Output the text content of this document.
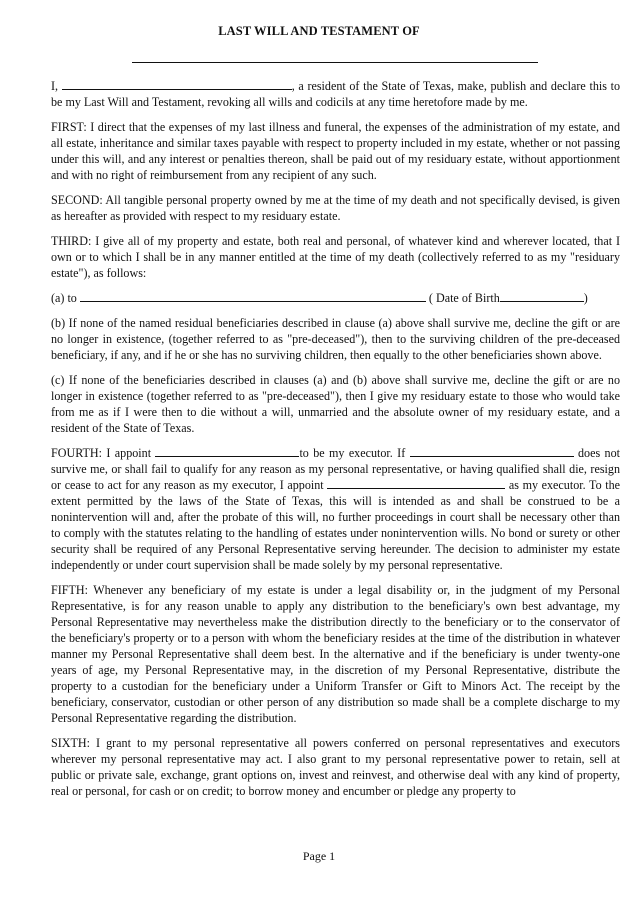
LAST WILL AND TESTAMENT OF

I,	, a resident of the State of Texas, make, publish and declare this to be my Last Will and Testament, revoking all wills and codicils at any time heretofore made by me.

FIRST: I direct that the expenses of my last illness and funeral, the expenses of the administration of my estate, and all estate, inheritance and similar taxes payable with respect to property included in my estate, whether or not passing under this will, and any interest or penalties thereon, shall be paid out of my residuary estate, without apportionment and with no right of reimbursement from any recipient of any such.

SECOND: All tangible personal property owned by me at the time of my death and not specifically devised, is given as hereafter as provided with respect to my residuary estate.

THIRD: I give all of my property and estate, both real and personal, of whatever kind and wherever located, that I own or to which I shall be in any manner entitled at the time of my death (collectively referred to as my "residuary estate"), as follows:

(a) to	( Date of Birth	)

(b) If none of the named residual beneficiaries described in clause (a) above shall survive me, decline the gift or are no longer in existence, (together referred to as "pre-deceased"), then to the surviving children of the pre-deceased beneficiary, if any, and if he or she has no surviving children, then equally to the other beneficiaries shown above.

(c) If none of the beneficiaries described in clauses (a) and (b) above shall survive me, decline the gift or are no longer in existence (together referred to as "pre-deceased"), then I give my residuary estate to those who would take from me as if I were then to die without a will, unmarried and the absolute owner of my residuary estate, and a resident of the State of Texas.

FOURTH: I appoint	to be my executor. If	does not survive me, or shall fail to qualify for any reason as my personal representative, or having qualified shall die, resign or cease to act for any reason as my executor, I appoint	as my executor. To the extent permitted by the laws of the State of Texas, this will is intended as and shall be construed to be a nonintervention will and, after the probate of this will, no further proceedings in court shall be necessary other than to comply with the statutes relating to the handling of estates under nonintervention wills. No bond or surety or other security shall be required of any Personal Representative serving hereunder. The decision to administer my estate independently or under court supervision shall be made solely by my personal representative.

FIFTH: Whenever any beneficiary of my estate is under a legal disability or, in the judgment of my Personal Representative, is for any reason unable to apply any distribution to the beneficiary's own best advantage, my Personal Representative may nevertheless make the distribution directly to the beneficiary or to the conservator of the beneficiary's property or to a person with whom the beneficiary resides at the time of the distribution in whatever manner my Personal Representative shall deem best. In the alternative and if the beneficiary is under twenty-one years of age, my Personal Representative may, in the discretion of my Personal Representative, distribute the property to a custodian for the beneficiary under a Uniform Transfer or Gift to Minors Act. The receipt by the beneficiary, conservator, custodian or other person of any distribution so made shall be a complete discharge to my Personal Representative regarding the distribution.

SIXTH: I grant to my personal representative all powers conferred on personal representatives and executors wherever my personal representative may act. I also grant to my personal representative power to retain, sell at public or private sale, exchange, grant options on, invest and reinvest, and otherwise deal with any kind of property, real or personal, for cash or on credit; to borrow money and encumber or pledge any property to

Page 1
